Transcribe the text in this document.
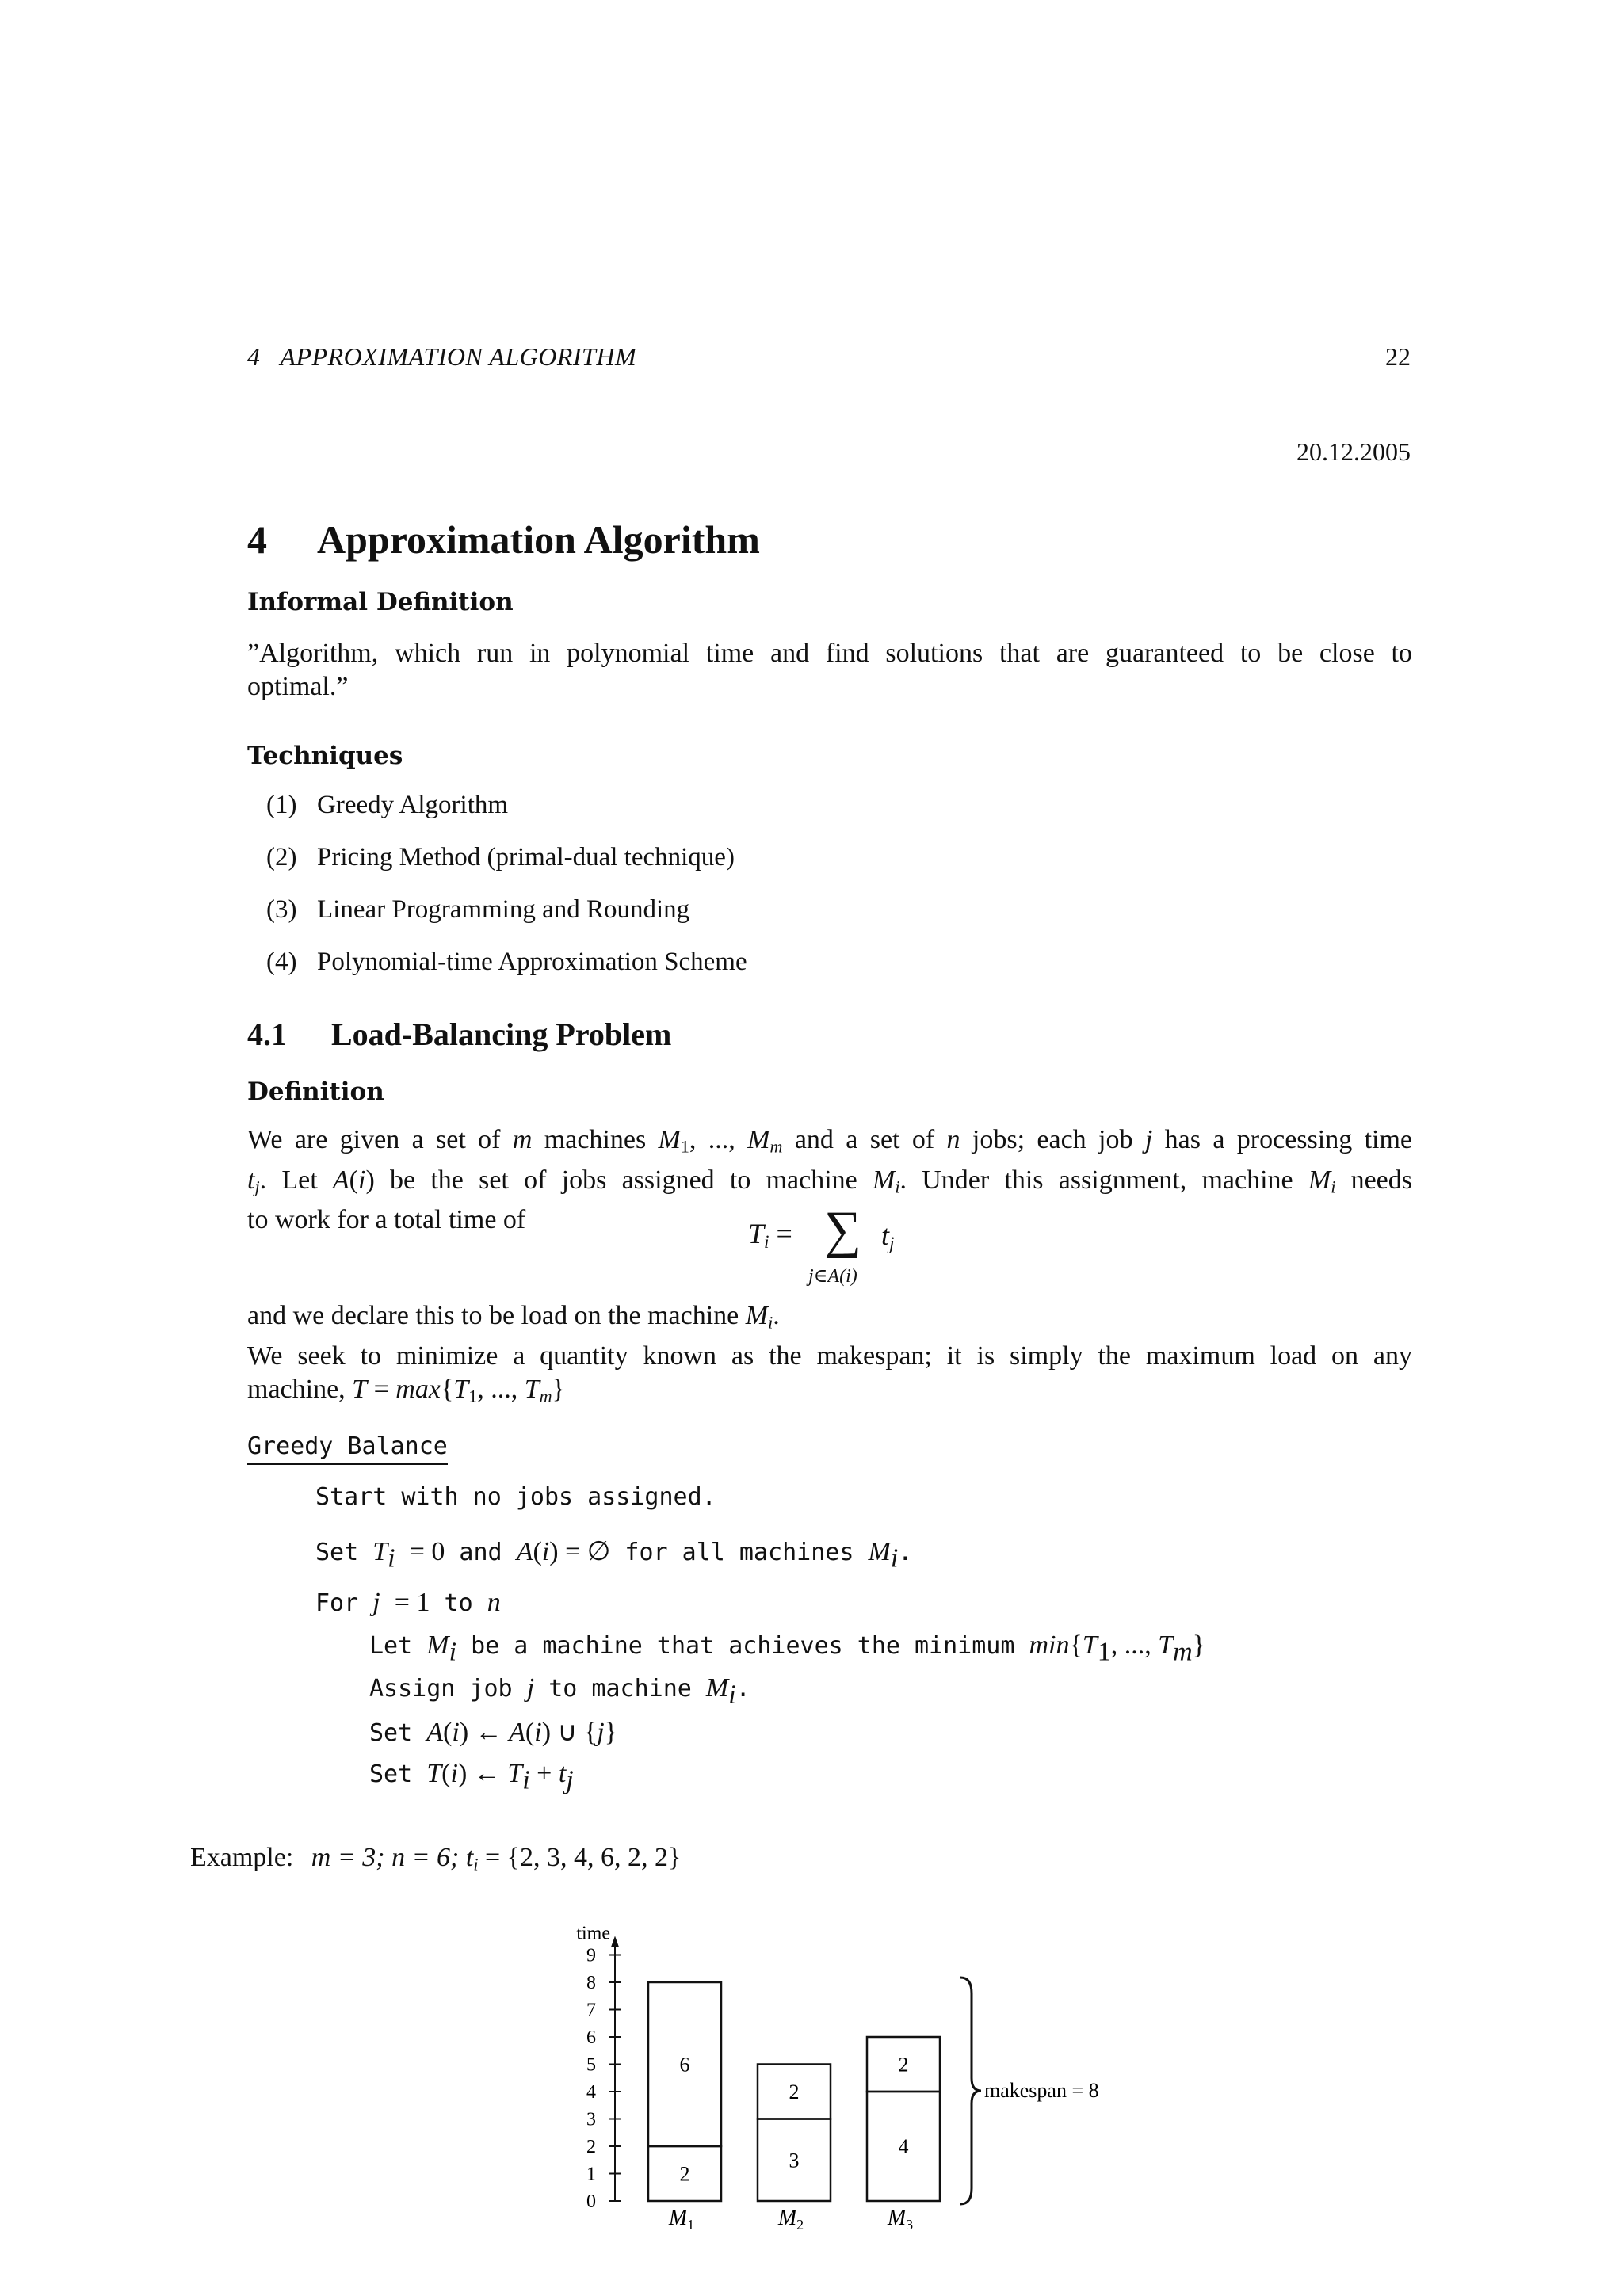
4   APPROXIMATION ALGORITHM	22
20.12.2005
4 Approximation Algorithm
Informal Definition
”Algorithm, which run in polynomial time and find solutions that are guaranteed to be close to
optimal.”
Techniques
(1) Greedy Algorithm
(2) Pricing Method (primal-dual technique)
(3) Linear Programming and Rounding
(4) Polynomial-time Approximation Scheme
4.1 Load-Balancing Problem
Definition
We are given a set of m machines $M_1$, ..., $M_m$ and a set of n jobs; each job j has a processing time
$t_j$. Let A(i) be the set of jobs assigned to machine $M_i$. Under this assignment, machine $M_i$ needs
to work for a total time of	$T_i$ = ∑ $t_j$
j∈A(i)
and we declare this to be load on the machine $M_i$.
We seek to minimize a quantity known as the makespan; it is simply the maximum load on any
machine, $T = \max\{T_1$, ..., $T_m$}
Greedy Balance
Start with no jobs assigned.
Set $T_i = 0$ and A(i) = ∅ for all machines $M_i$.
For j = 1 to n
Let $M_i$ be a machine that achieves the minimum $\min\{T_1$, ..., $T_m$}
Assign job j to machine $M_i$.
Set A(i) ← A(i) ∪ {j}
Set T(i) ← $T_i + t_j$
Example: m = 3; n = 6; $t_i = \{2$, 3, 4, 6, 2, 2}
time
0
1
2
3
4
5
6
7
8
9
2
6
$M_1$
3
2
$M_2$
4
2
$M_3$
makespan = 8
